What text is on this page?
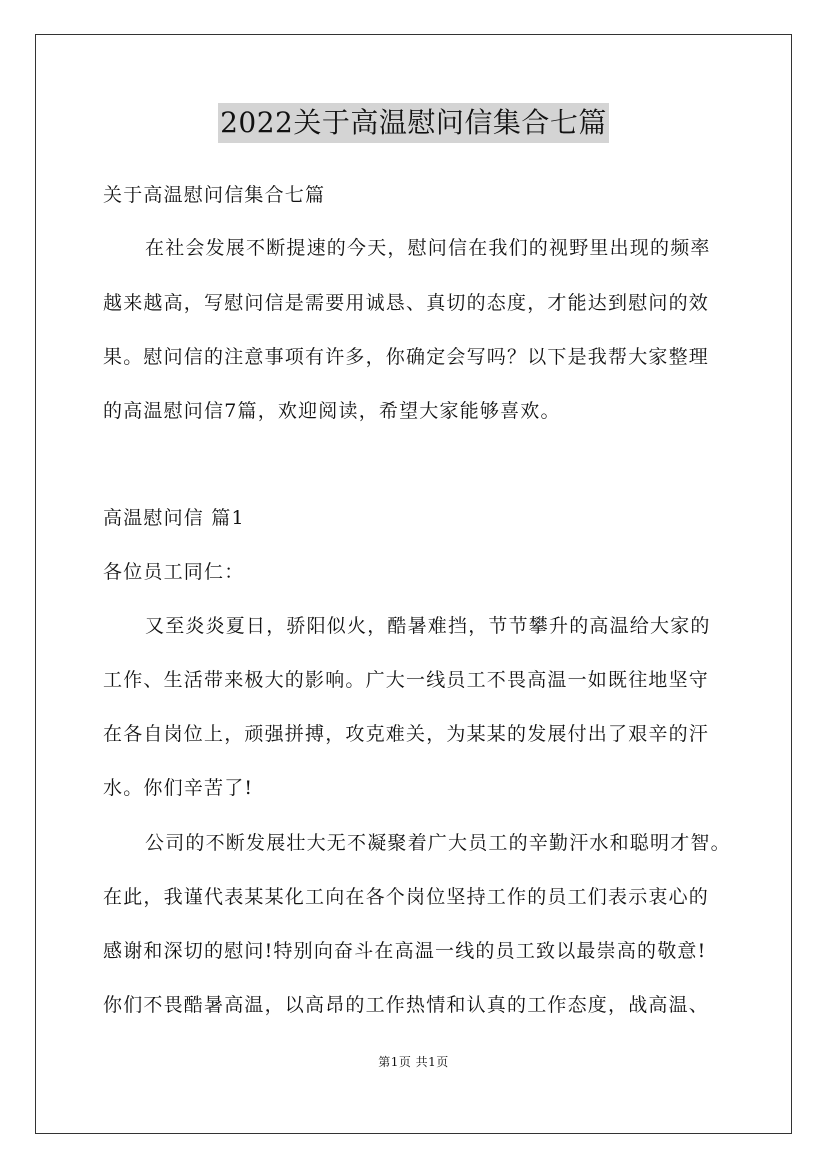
2022关于高温慰问信集合七篇
关于高温慰问信集合七篇
在社会发展不断提速的今天，慰问信在我们的视野里出现的频率
越来越高，写慰问信是需要用诚恳、真切的态度，才能达到慰问的效
果。慰问信的注意事项有许多，你确定会写吗？以下是我帮大家整理
的高温慰问信7篇，欢迎阅读，希望大家能够喜欢。
高温慰问信 篇1
各位员工同仁：
又至炎炎夏日，骄阳似火，酷暑难挡，节节攀升的高温给大家的
工作、生活带来极大的影响。广大一线员工不畏高温一如既往地坚守
在各自岗位上，顽强拼搏，攻克难关，为某某的发展付出了艰辛的汗
水。你们辛苦了!
公司的不断发展壮大无不凝聚着广大员工的辛勤汗水和聪明才智。
在此，我谨代表某某化工向在各个岗位坚持工作的员工们表示衷心的
感谢和深切的慰问!特别向奋斗在高温一线的员工致以最崇高的敬意!
你们不畏酷暑高温，以高昂的工作热情和认真的工作态度，战高温、
第1页 共1页
